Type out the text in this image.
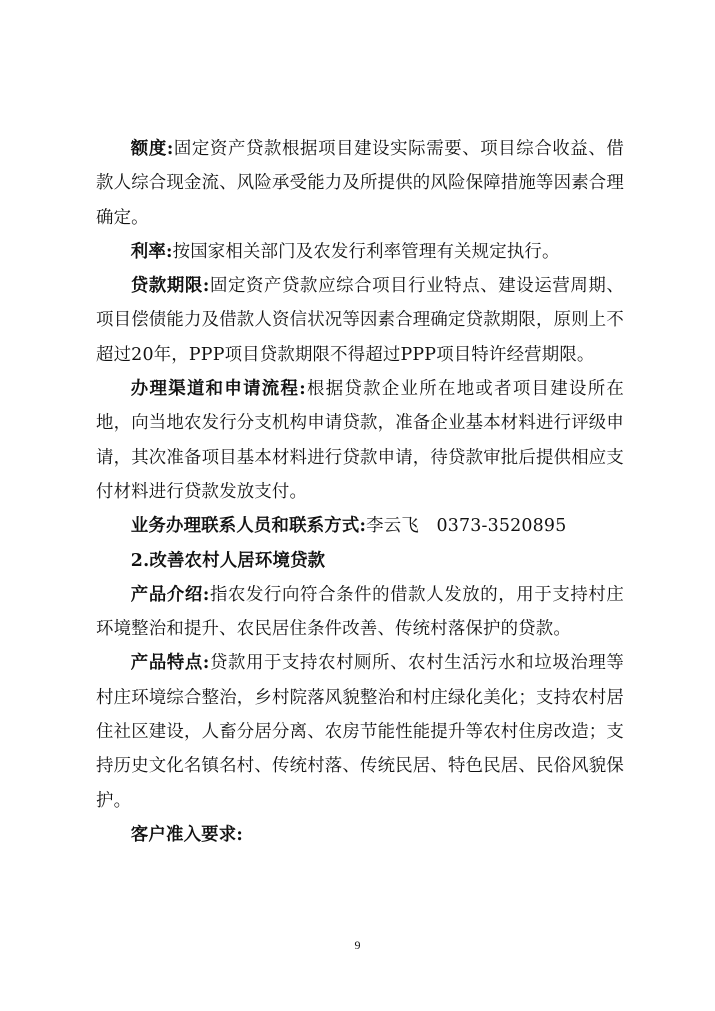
额度:固定资产贷款根据项目建设实际需要、项目综合收益、借款人综合现金流、风险承受能力及所提供的风险保障措施等因素合理确定。

利率:按国家相关部门及农发行利率管理有关规定执行。

贷款期限:固定资产贷款应综合项目行业特点、建设运营周期、项目偿债能力及借款人资信状况等因素合理确定贷款期限，原则上不超过20年，PPP项目贷款期限不得超过PPP项目特许经营期限。

办理渠道和申请流程:根据贷款企业所在地或者项目建设所在地，向当地农发行分支机构申请贷款，准备企业基本材料进行评级申请，其次准备项目基本材料进行贷款申请，待贷款审批后提供相应支付材料进行贷款发放支付。

业务办理联系人员和联系方式:李云飞　0373-3520895

2.改善农村人居环境贷款

产品介绍:指农发行向符合条件的借款人发放的，用于支持村庄环境整治和提升、农民居住条件改善、传统村落保护的贷款。

产品特点:贷款用于支持农村厕所、农村生活污水和垃圾治理等村庄环境综合整治，乡村院落风貌整治和村庄绿化美化；支持农村居住社区建设，人畜分居分离、农房节能性能提升等农村住房改造；支持历史文化名镇名村、传统村落、传统民居、特色民居、民俗风貌保护。

客户准入要求:

9
